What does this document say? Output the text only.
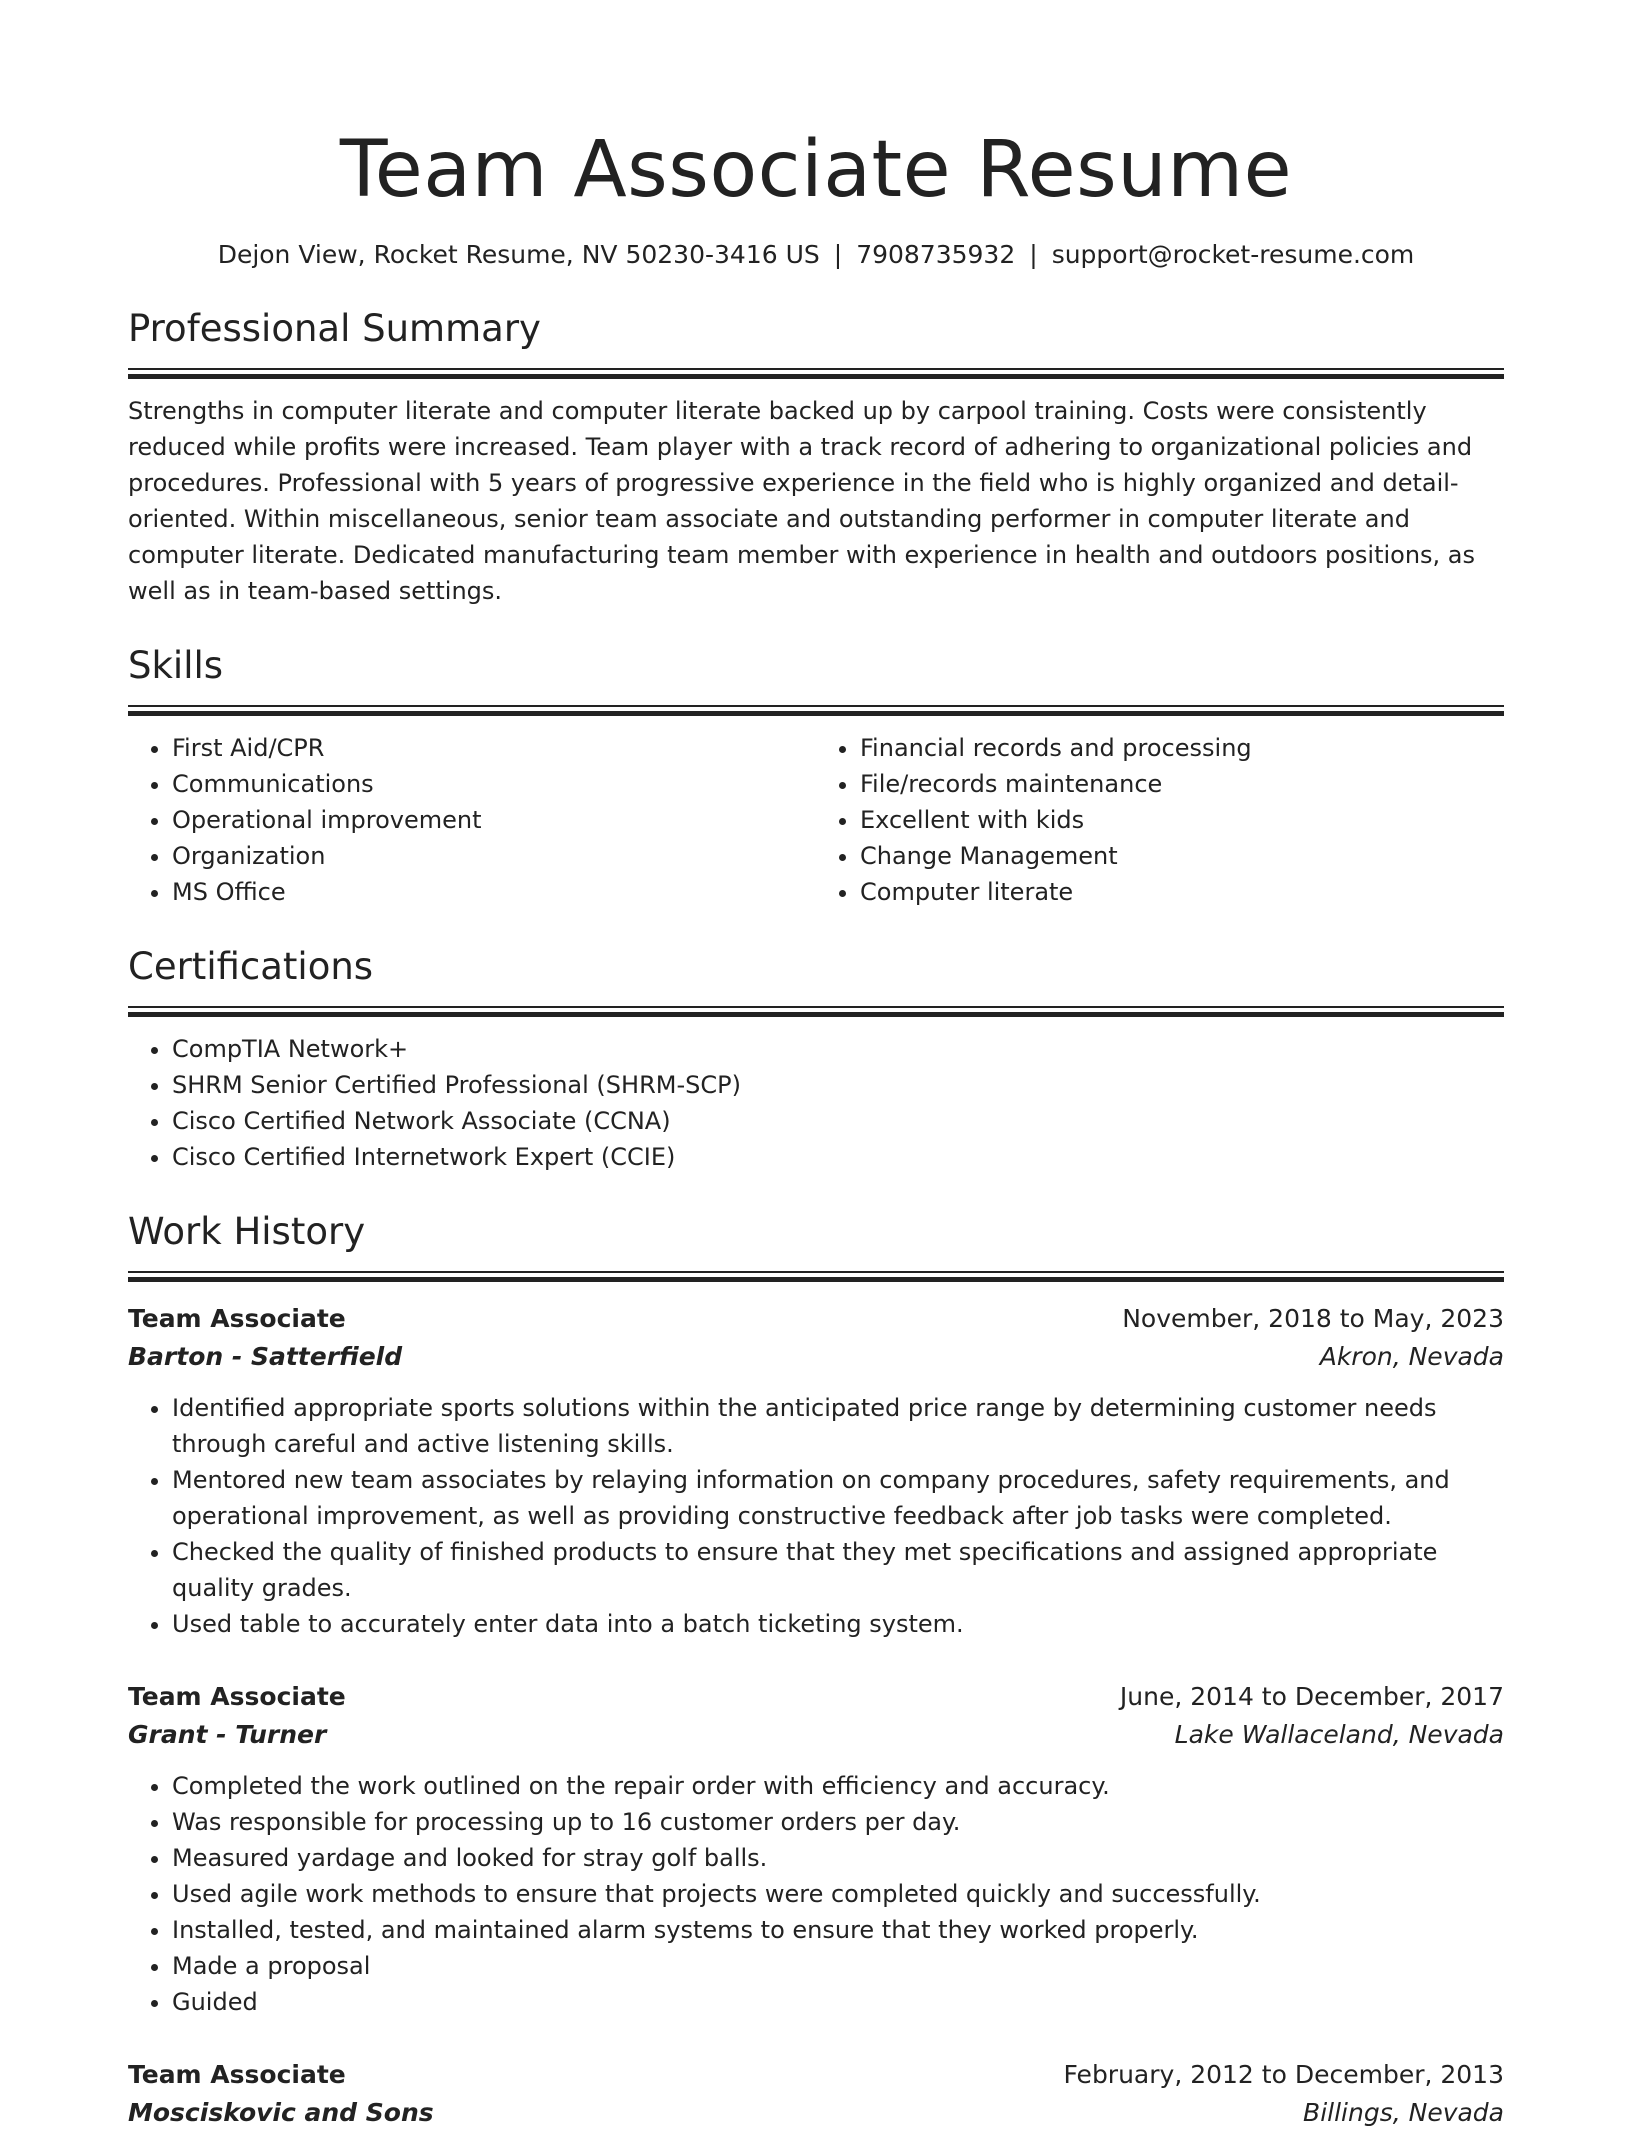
Team Associate Resume
Dejon View, Rocket Resume, NV 50230-3416 US | 7908735932 | support@rocket-resume.com
Professional Summary

Strengths in computer literate and computer literate backed up by carpool training. Costs were consistently reduced while profits were increased. Team player with a track record of adhering to organizational policies and procedures. Professional with 5 years of progressive experience in the field who is highly organized and detail-oriented. Within miscellaneous, senior team associate and outstanding performer in computer literate and computer literate. Dedicated manufacturing team member with experience in health and outdoors positions, as well as in team-based settings.

Skills
• First Aid/CPR
• Communications
• Operational improvement
• Organization
• MS Office
• Financial records and processing
• File/records maintenance
• Excellent with kids
• Change Management
• Computer literate
Certifications
• CompTIA Network+
• SHRM Senior Certified Professional (SHRM-SCP)
• Cisco Certified Network Associate (CCNA)
• Cisco Certified Internetwork Expert (CCIE)
Work History
Team Associate	November, 2018 to May, 2023
Barton - Satterfield	Akron, Nevada
• Identified appropriate sports solutions within the anticipated price range by determining customer needs through careful and active listening skills.
• Mentored new team associates by relaying information on company procedures, safety requirements, and operational improvement, as well as providing constructive feedback after job tasks were completed.
• Checked the quality of finished products to ensure that they met specifications and assigned appropriate quality grades.
• Used table to accurately enter data into a batch ticketing system.
Team Associate	June, 2014 to December, 2017
Grant - Turner	Lake Wallaceland, Nevada
• Completed the work outlined on the repair order with efficiency and accuracy.
• Was responsible for processing up to 16 customer orders per day.
• Measured yardage and looked for stray golf balls.
• Used agile work methods to ensure that projects were completed quickly and successfully.
• Installed, tested, and maintained alarm systems to ensure that they worked properly.
• Made a proposal
• Guided
Team Associate	February, 2012 to December, 2013
Mosciskovic and Sons	Billings, Nevada
